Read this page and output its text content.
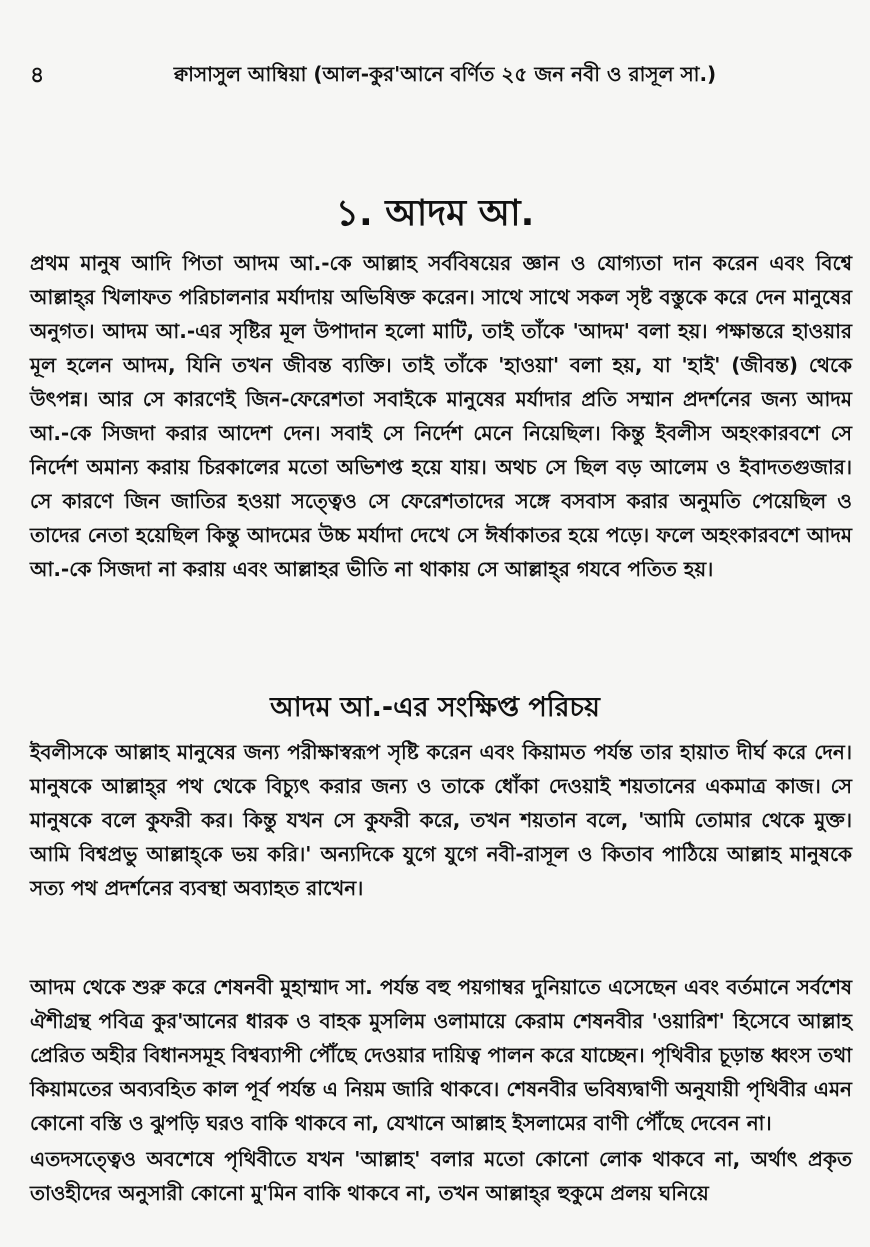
৪	ক্বাসাসুল আম্বিয়া (আল-কুর'আনে বর্ণিত ২৫ জন নবী ও রাসূল সা.)
১. আদম আ.

প্রথম মানুষ আদি পিতা আদম আ.-কে আল্লাহ সর্ববিষয়ের জ্ঞান ও যোগ্যতা দান করেন এবং বিশ্বে আল্লাহ্‌র খিলাফত পরিচালনার মর্যাদায় অভিষিক্ত করেন। সাথে সাথে সকল সৃষ্ট বস্তুকে করে দেন মানুষের অনুগত। আদম আ.-এর সৃষ্টির মূল উপাদান হলো মাটি, তাই তাঁকে 'আদম' বলা হয়। পক্ষান্তরে হাওয়ার মূল হলেন আদম, যিনি তখন জীবন্ত ব্যক্তি। তাই তাঁকে 'হাওয়া' বলা হয়, যা 'হাই' (জীবন্ত) থেকে উৎপন্ন। আর সে কারণেই জিন-ফেরেশতা সবাইকে মানুষের মর্যাদার প্রতি সম্মান প্রদর্শনের জন্য আদম আ.-কে সিজদা করার আদেশ দেন। সবাই সে নির্দেশ মেনে নিয়েছিল। কিন্তু ইবলীস অহংকারবশে সে নির্দেশ অমান্য করায় চিরকালের মতো অভিশপ্ত হয়ে যায়। অথচ সে ছিল বড় আলেম ও ইবাদতগুজার। সে কারণে জিন জাতির হওয়া সত্ত্বেও সে ফেরেশতাদের সঙ্গে বসবাস করার অনুমতি পেয়েছিল ও তাদের নেতা হয়েছিল কিন্তু আদমের উচ্চ মর্যাদা দেখে সে ঈর্ষাকাতর হয়ে পড়ে। ফলে অহংকারবশে আদম আ.-কে সিজদা না করায় এবং আল্লাহর ভীতি না থাকায় সে আল্লাহ্‌র গযবে পতিত হয়।

আদম আ.-এর সংক্ষিপ্ত পরিচয়

ইবলীসকে আল্লাহ মানুষের জন্য পরীক্ষাস্বরূপ সৃষ্টি করেন এবং কিয়ামত পর্যন্ত তার হায়াত দীর্ঘ করে দেন। মানুষকে আল্লাহ্‌র পথ থেকে বিচ্যুৎ করার জন্য ও তাকে ধোঁকা দেওয়াই শয়তানের একমাত্র কাজ। সে মানুষকে বলে কুফরী কর। কিন্তু যখন সে কুফরী করে, তখন শয়তান বলে, 'আমি তোমার থেকে মুক্ত। আমি বিশ্বপ্রভু আল্লাহ্‌কে ভয় করি।' অন্যদিকে যুগে যুগে নবী-রাসূল ও কিতাব পাঠিয়ে আল্লাহ মানুষকে সত্য পথ প্রদর্শনের ব্যবস্থা অব্যাহত রাখেন।

আদম থেকে শুরু করে শেষনবী মুহাম্মাদ সা. পর্যন্ত বহু পয়গাম্বর দুনিয়াতে এসেছেন এবং বর্তমানে সর্বশেষ ঐশীগ্রন্থ পবিত্র কুর'আনের ধারক ও বাহক মুসলিম ওলামায়ে কেরাম শেষনবীর 'ওয়ারিশ' হিসেবে আল্লাহ প্রেরিত অহীর বিধানসমূহ বিশ্বব্যাপী পৌঁছে দেওয়ার দায়িত্ব পালন করে যাচ্ছেন। পৃথিবীর চূড়ান্ত ধ্বংস তথা কিয়ামতের অব্যবহিত কাল পূর্ব পর্যন্ত এ নিয়ম জারি থাকবে। শেষনবীর ভবিষ্যদ্বাণী অনুযায়ী পৃথিবীর এমন কোনো বস্তি ও ঝুপড়ি ঘরও বাকি থাকবে না, যেখানে আল্লাহ ইসলামের বাণী পৌঁছে দেবেন না।

এতদসত্ত্বেও অবশেষে পৃথিবীতে যখন 'আল্লাহ' বলার মতো কোনো লোক থাকবে না, অর্থাৎ প্রকৃত তাওহীদের অনুসারী কোনো মু'মিন বাকি থাকবে না, তখন আল্লাহ্‌র হুকুমে প্রলয় ঘনিয়ে
